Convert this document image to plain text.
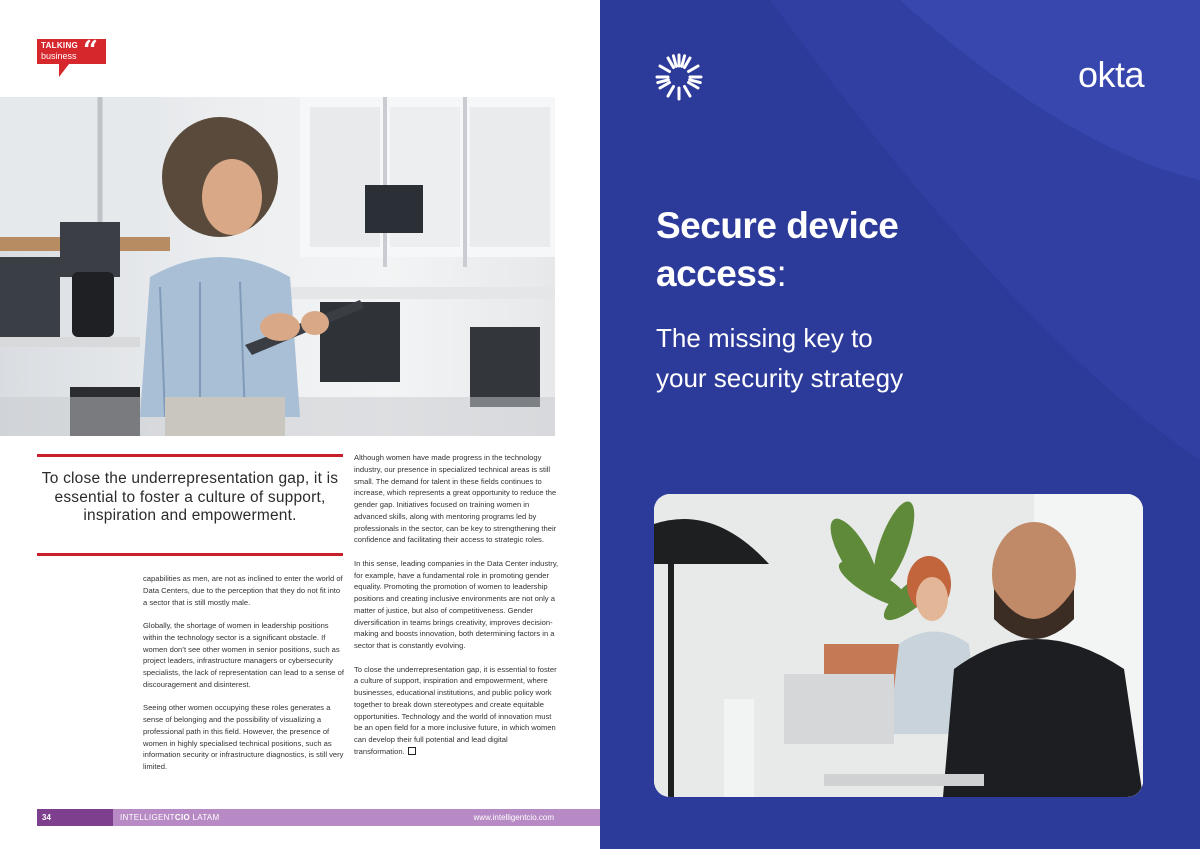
TALKING
business “
To close the underrepresentation gap, it is essential to foster a culture of support, inspiration and empowerment.

capabilities as men, are not as inclined to enter the world of Data Centers, due to the perception that they do not fit into a sector that is still mostly male.

Globally, the shortage of women in leadership positions within the technology sector is a significant obstacle. If women don’t see other women in senior positions, such as project leaders, infrastructure managers or cybersecurity specialists, the lack of representation can lead to a sense of discouragement and disinterest.

Seeing other women occupying these roles generates a sense of belonging and the possibility of visualizing a professional path in this field. However, the presence of women in highly specialised technical positions, such as information security or infrastructure diagnostics, is still very limited.

Although women have made progress in the technology industry, our presence in specialized technical areas is still small. The demand for talent in these fields continues to increase, which represents a great opportunity to reduce the gender gap. Initiatives focused on training women in advanced skills, along with mentoring programs led by professionals in the sector, can be key to strengthening their confidence and facilitating their access to strategic roles.

In this sense, leading companies in the Data Center industry, for example, have a fundamental role in promoting gender equality. Promoting the promotion of women to leadership positions and creating inclusive environments are not only a matter of justice, but also of competitiveness. Gender diversification in teams brings creativity, improves decision-making and boosts innovation, both determining factors in a sector that is constantly evolving.

To close the underrepresentation gap, it is essential to foster a culture of support, inspiration and empowerment, where businesses, educational institutions, and public policy work together to break down stereotypes and create equitable opportunities. Technology and the world of innovation must be an open field for a more inclusive future, in which women can develop their full potential and lead digital transformation.

34	INTELLIGENTCIO LATAM	www.intelligentcio.com
okta
Secure device
access:
The missing key to
your security strategy
